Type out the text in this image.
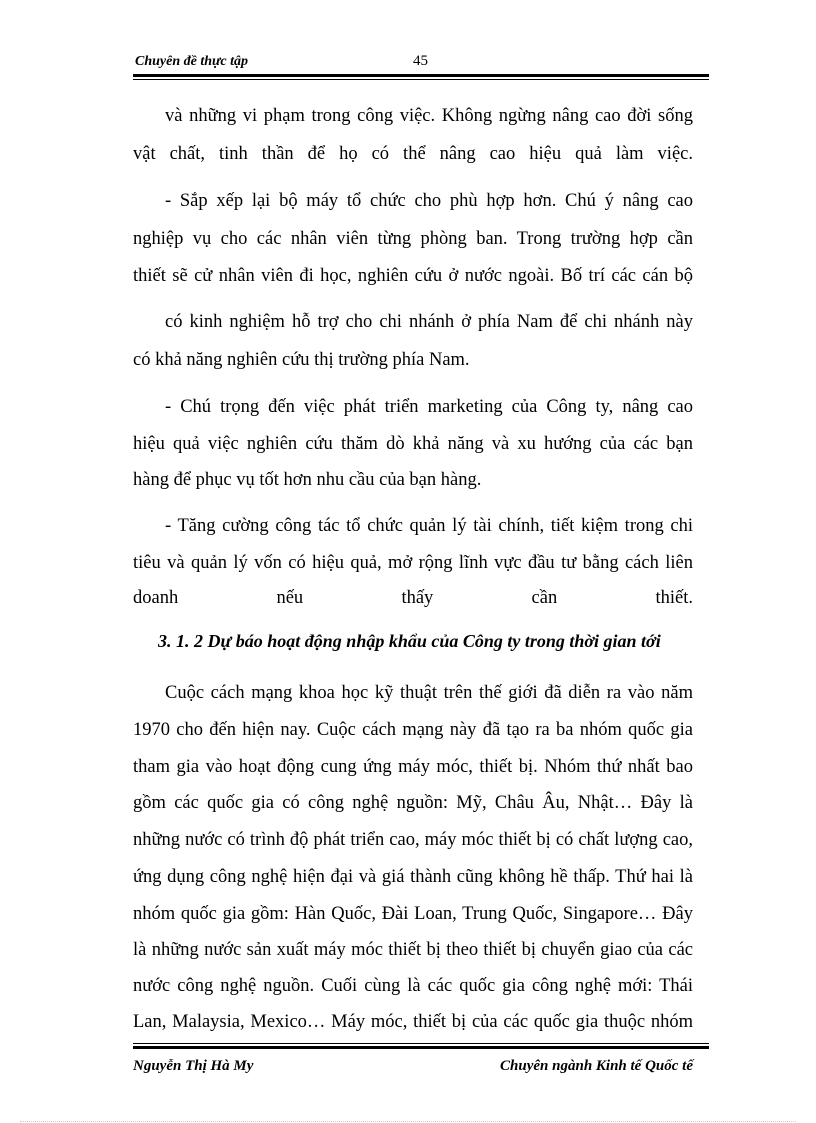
Chuyên đề thực tập	45
và những vi phạm trong công việc. Không ngừng nâng cao đời sống
vật chất, tinh thần để họ có thể nâng cao hiệu quả làm việc.
- Sắp xếp lại bộ máy tổ chức cho phù hợp hơn. Chú ý nâng cao
nghiệp vụ cho các nhân viên từng phòng ban. Trong trường hợp cần
thiết sẽ cử nhân viên đi học, nghiên cứu ở nước ngoài. Bố trí các cán bộ
có kinh nghiệm hỗ trợ cho chi nhánh ở phía Nam để chi nhánh này
có khả năng nghiên cứu thị trường phía Nam.
- Chú trọng đến việc phát triển marketing của Công ty, nâng cao
hiệu quả việc nghiên cứu thăm dò khả năng và xu hướng của các bạn
hàng để phục vụ tốt hơn nhu cầu của bạn hàng.
- Tăng cường công tác tổ chức quản lý tài chính, tiết kiệm trong chi
tiêu và quản lý vốn có hiệu quả, mở rộng lĩnh vực đầu tư bằng cách liên
doanh nếu thấy cần thiết.
3. 1. 2 Dự báo hoạt động nhập khẩu của Công ty trong thời gian tới
Cuộc cách mạng khoa học kỹ thuật trên thế giới đã diễn ra vào năm
1970 cho đến hiện nay. Cuộc cách mạng này đã tạo ra ba nhóm quốc gia
tham gia vào hoạt động cung ứng máy móc, thiết bị. Nhóm thứ nhất bao
gồm các quốc gia có công nghệ nguồn: Mỹ, Châu Âu, Nhật… Đây là
những nước có trình độ phát triển cao, máy móc thiết bị có chất lượng cao,
ứng dụng công nghệ hiện đại và giá thành cũng không hề thấp. Thứ hai là
nhóm quốc gia gồm: Hàn Quốc, Đài Loan, Trung Quốc, Singapore… Đây
là những nước sản xuất máy móc thiết bị theo thiết bị chuyển giao của các
nước công nghệ nguồn. Cuối cùng là các quốc gia công nghệ mới: Thái
Lan, Malaysia, Mexico… Máy móc, thiết bị của các quốc gia thuộc nhóm
Nguyễn Thị Hà My	Chuyên ngành Kinh tế Quốc tế
